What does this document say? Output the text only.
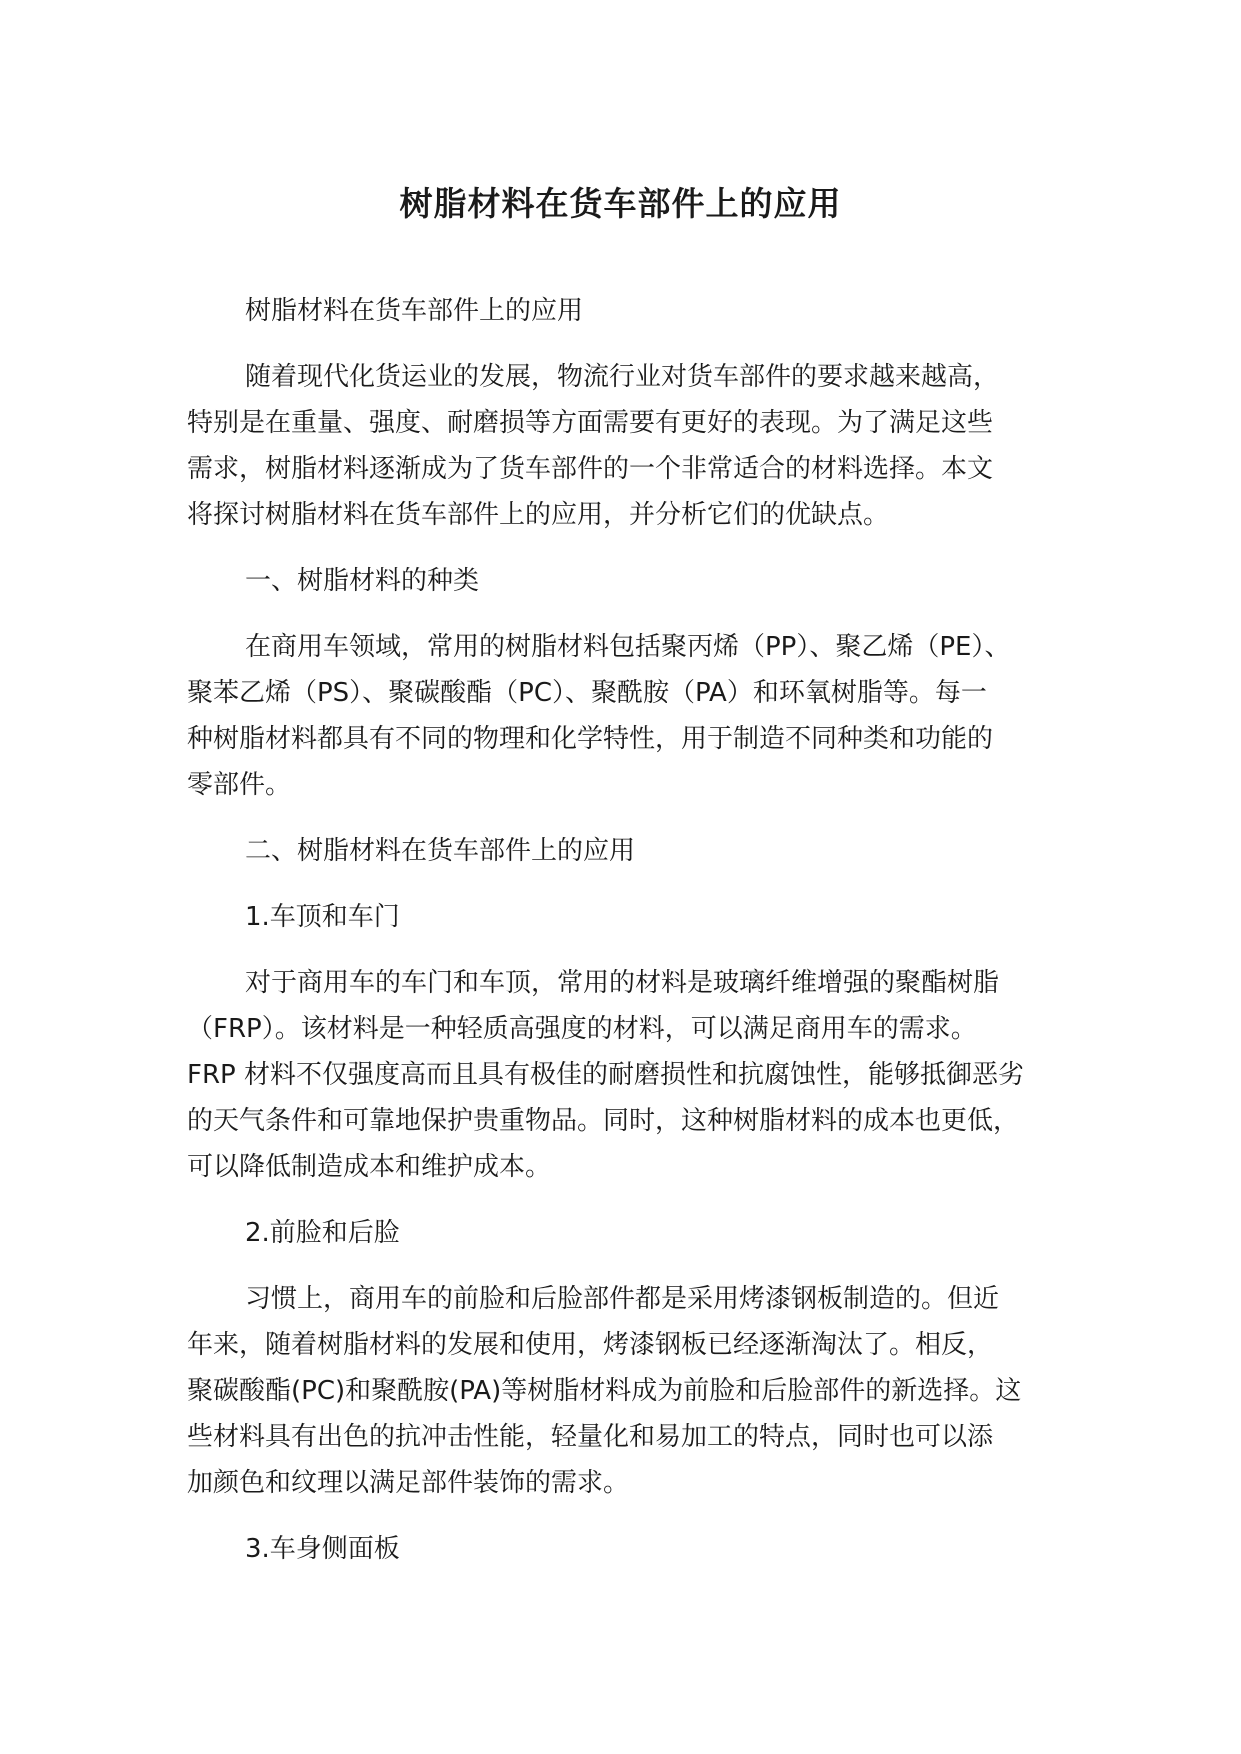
树脂材料在货车部件上的应用
树脂材料在货车部件上的应用
随着现代化货运业的发展，物流行业对货车部件的要求越来越高，
特别是在重量、强度、耐磨损等方面需要有更好的表现。为了满足这些
需求，树脂材料逐渐成为了货车部件的一个非常适合的材料选择。本文
将探讨树脂材料在货车部件上的应用，并分析它们的优缺点。
一、树脂材料的种类
在商用车领域，常用的树脂材料包括聚丙烯（PP）、聚乙烯（PE）、
聚苯乙烯（PS）、聚碳酸酯（PC）、聚酰胺（PA）和环氧树脂等。每一
种树脂材料都具有不同的物理和化学特性，用于制造不同种类和功能的
零部件。
二、树脂材料在货车部件上的应用
1.车顶和车门
对于商用车的车门和车顶，常用的材料是玻璃纤维增强的聚酯树脂
（FRP）。该材料是一种轻质高强度的材料，可以满足商用车的需求。
FRP 材料不仅强度高而且具有极佳的耐磨损性和抗腐蚀性，能够抵御恶劣
的天气条件和可靠地保护贵重物品。同时，这种树脂材料的成本也更低，
可以降低制造成本和维护成本。
2.前脸和后脸
习惯上，商用车的前脸和后脸部件都是采用烤漆钢板制造的。但近
年来，随着树脂材料的发展和使用，烤漆钢板已经逐渐淘汰了。相反，
聚碳酸酯(PC)和聚酰胺(PA)等树脂材料成为前脸和后脸部件的新选择。这
些材料具有出色的抗冲击性能，轻量化和易加工的特点，同时也可以添
加颜色和纹理以满足部件装饰的需求。
3.车身侧面板
